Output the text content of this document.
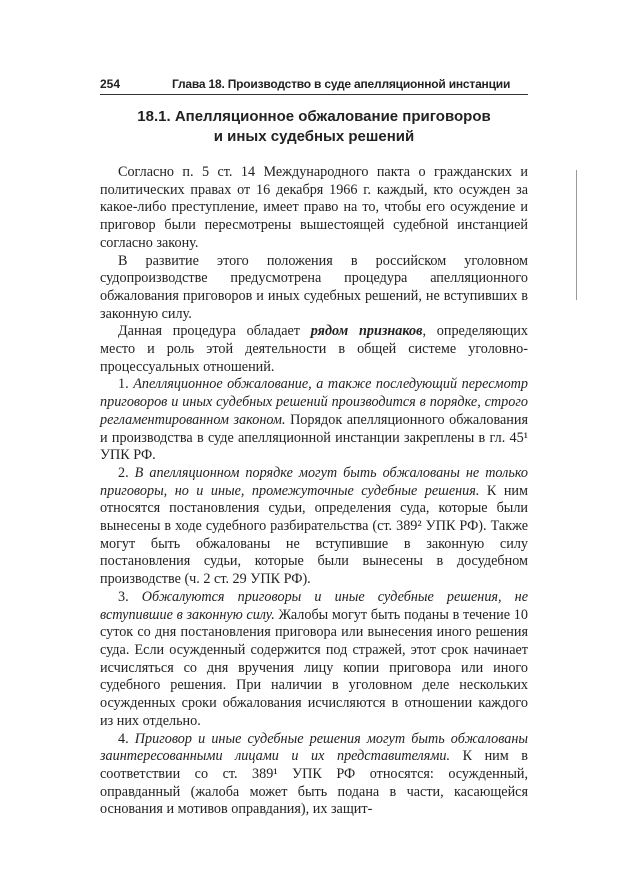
254	Глава 18. Производство в суде апелляционной инстанции
18.1. Апелляционное обжалование приговоров
и иных судебных решений

Согласно п. 5 ст. 14 Международного пакта о гражданских и политических правах от 16 декабря 1966 г. каждый, кто осужден за какое-либо преступление, имеет право на то, чтобы его осуждение и приговор были пересмотрены вышестоящей судебной инстанцией согласно закону.

В развитие этого положения в российском уголовном судопроизводстве предусмотрена процедура апелляционного обжалования приговоров и иных судебных решений, не вступивших в законную силу.

Данная процедура обладает рядом признаков, определяющих место и роль этой деятельности в общей системе уголовно-процессуальных отношений.

1. Апелляционное обжалование, а также последующий пересмотр приговоров и иных судебных решений производится в порядке, строго регламентированном законом. Порядок апелляционного обжалования и производства в суде апелляционной инстанции закреплены в гл. 45¹ УПК РФ.

2. В апелляционном порядке могут быть обжалованы не только приговоры, но и иные, промежуточные судебные решения. К ним относятся постановления судьи, определения суда, которые были вынесены в ходе судебного разбирательства (ст. 389² УПК РФ). Также могут быть обжалованы не вступившие в законную силу постановления судьи, которые были вынесены в досудебном производстве (ч. 2 ст. 29 УПК РФ).

3. Обжалуются приговоры и иные судебные решения, не вступившие в законную силу. Жалобы могут быть поданы в течение 10 суток со дня постановления приговора или вынесения иного решения суда. Если осужденный содержится под стражей, этот срок начинает исчисляться со дня вручения лицу копии приговора или иного судебного решения. При наличии в уголовном деле нескольких осужденных сроки обжалования исчисляются в отношении каждого из них отдельно.

4. Приговор и иные судебные решения могут быть обжалованы заинтересованными лицами и их представителями. К ним в соответствии со ст. 389¹ УПК РФ относятся: осужденный, оправданный (жалоба может быть подана в части, касающейся основания и мотивов оправдания), их защит-
